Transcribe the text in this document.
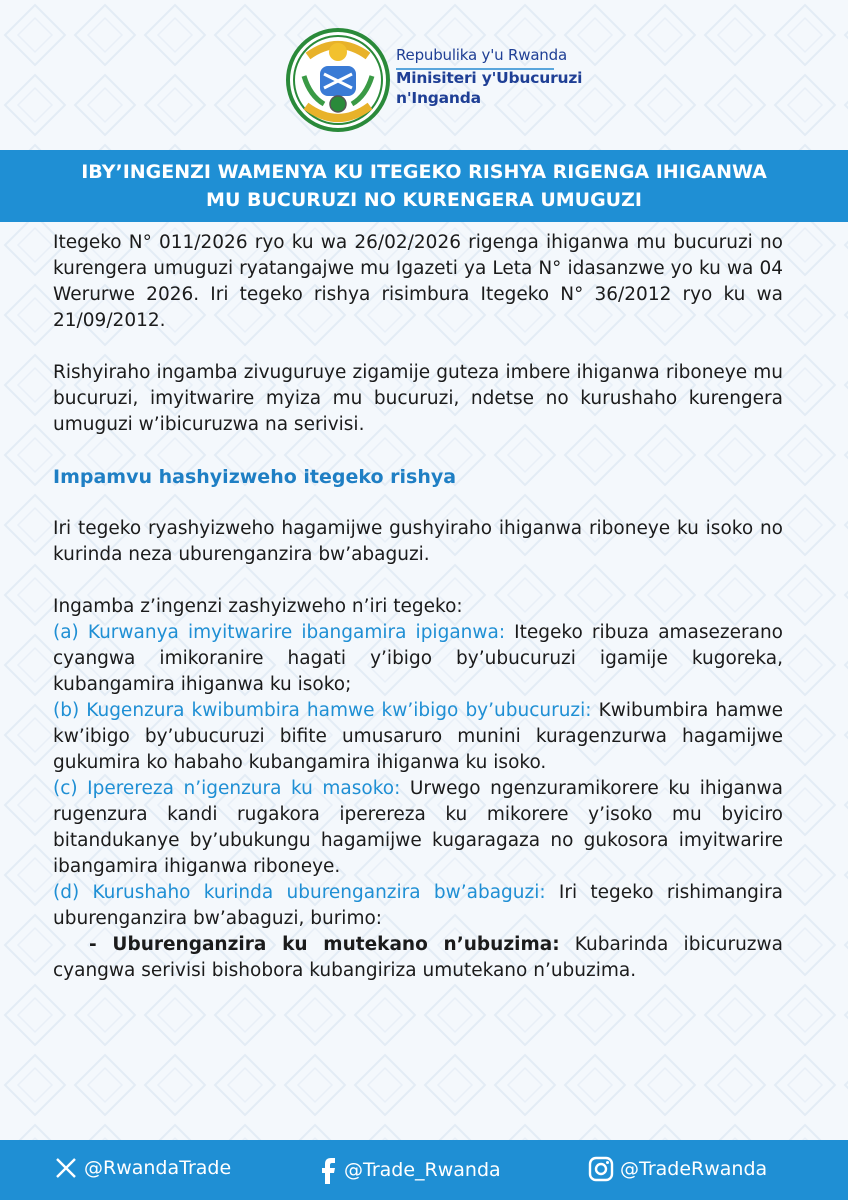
Repubulika y'u Rwanda
Minisiteri y'Ubucuruzi
n'Inganda
IBY’INGENZI WAMENYA KU ITEGEKO RISHYA RIGENGA IHIGANWA
MU BUCURUZI NO KURENGERA UMUGUZI

Itegeko N° 011/2026 ryo ku wa 26/02/2026 rigenga ihiganwa mu bucuruzi no kurengera umuguzi ryatangajwe mu Igazeti ya Leta N° idasanzwe yo ku wa 04 Werurwe 2026. Iri tegeko rishya risimbura Itegeko N° 36/2012 ryo ku wa 21/09/2012.

Rishyiraho ingamba zivuguruye zigamije guteza imbere ihiganwa riboneye mu bucuruzi, imyitwarire myiza mu bucuruzi, ndetse no kurushaho kurengera umuguzi w’ibicuruzwa na serivisi.

Impamvu hashyizweho itegeko rishya

Iri tegeko ryashyizweho hagamijwe gushyiraho ihiganwa riboneye ku isoko no kurinda neza uburenganzira bw’abaguzi.

Ingamba z’ingenzi zashyizweho n’iri tegeko:

(a) Kurwanya imyitwarire ibangamira ipiganwa: Itegeko ribuza amasezerano cyangwa imikoranire hagati y’ibigo by’ubucuruzi igamije kugoreka, kubangamira ihiganwa ku isoko;

(b) Kugenzura kwibumbira hamwe kw’ibigo by’ubucuruzi: Kwibumbira hamwe kw’ibigo by’ubucuruzi bifite umusaruro munini kuragenzurwa hagamijwe gukumira ko habaho kubangamira ihiganwa ku isoko.

(c) Iperereza n’igenzura ku masoko: Urwego ngenzuramikorere ku ihiganwa rugenzura kandi rugakora iperereza ku mikorere y’isoko mu byiciro bitandukanye by’ubukungu hagamijwe kugaragaza no gukosora imyitwarire ibangamira ihiganwa riboneye.

(d) Kurushaho kurinda uburenganzira bw’abaguzi: Iri tegeko rishimangira uburenganzira bw’abaguzi, burimo:

- Uburenganzira ku mutekano n’ubuzima: Kubarinda ibicuruzwa cyangwa serivisi bishobora kubangiriza umutekano n’ubuzima.

@RwandaTrade	@Trade_Rwanda	@TradeRwanda
